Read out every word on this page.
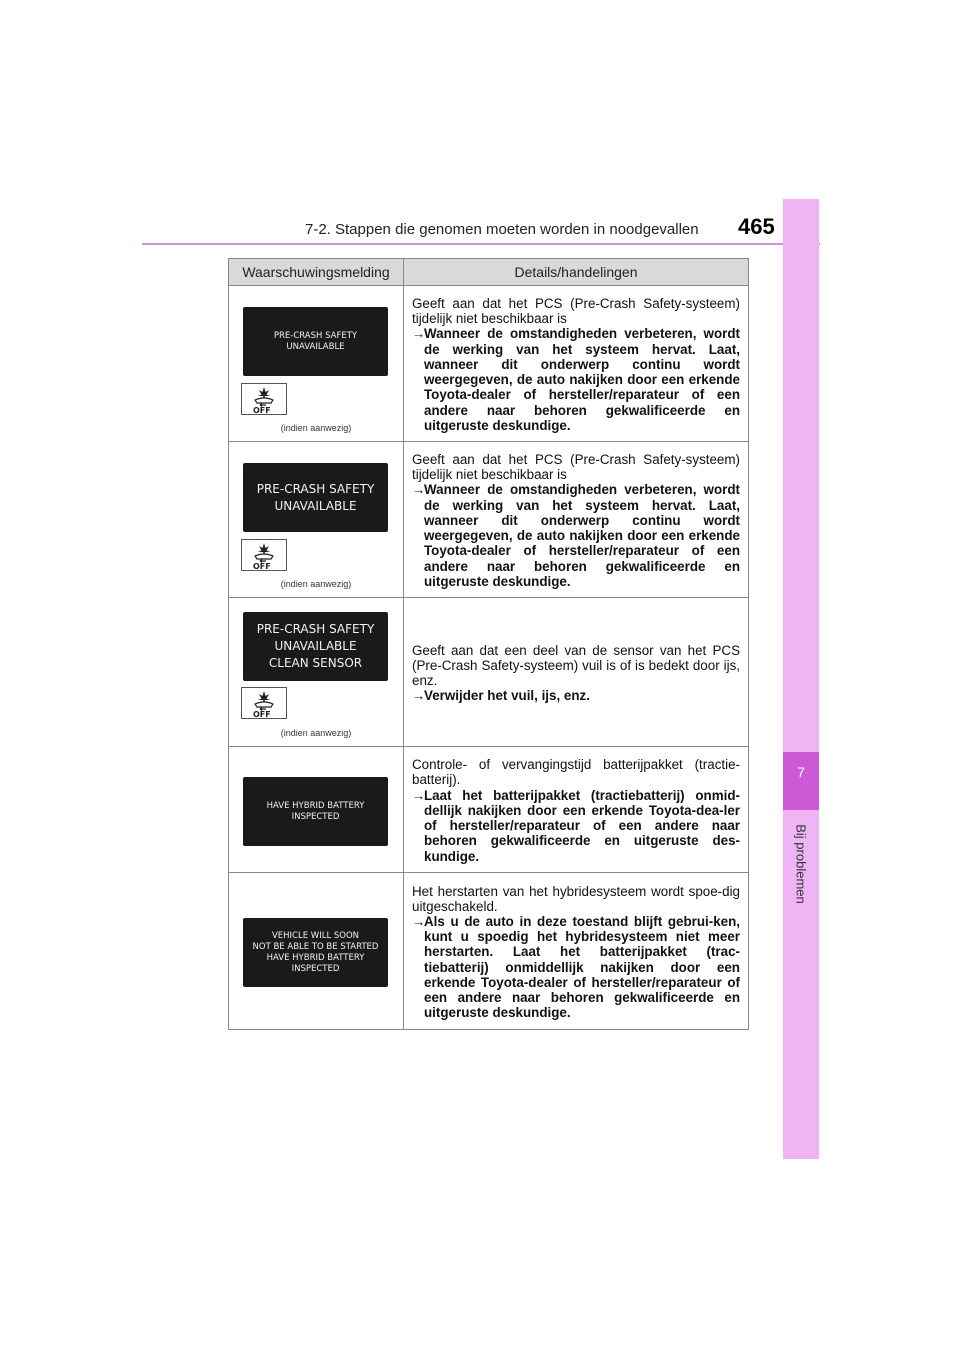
7-2. Stappen die genomen moeten worden in noodgevallen 465
7
Bij problemen
Waarschuwingsmelding	Details/handelingen
PRE-CRASH SAFETY
UNAVAILABLE
OFF
(indien aanwezig)
Geeft aan dat het PCS (Pre-Crash Safety-systeem) tijdelijk niet beschikbaar is
→
Wanneer de omstandigheden verbeteren, wordt de werking van het systeem hervat. Laat, wanneer dit onderwerp continu wordt weergegeven, de auto nakijken door een erkende Toyota-dealer of hersteller/reparateur of een andere naar behoren gekwalificeerde en uitgeruste deskundige.
PRE-CRASH SAFETY
UNAVAILABLE
OFF
(indien aanwezig)
Geeft aan dat het PCS (Pre-Crash Safety-systeem) tijdelijk niet beschikbaar is
→
Wanneer de omstandigheden verbeteren, wordt de werking van het systeem hervat. Laat, wanneer dit onderwerp continu wordt weergegeven, de auto nakijken door een erkende Toyota-dealer of hersteller/reparateur of een andere naar behoren gekwalificeerde en uitgeruste deskundige.
PRE-CRASH SAFETY
UNAVAILABLE
CLEAN SENSOR
OFF
(indien aanwezig)
Geeft aan dat een deel van de sensor van het PCS (Pre-Crash Safety-systeem) vuil is of is bedekt door ijs, enz.
→
Verwijder het vuil, ijs, enz.
HAVE HYBRID BATTERY
INSPECTED
Controle- of vervangingstijd batterijpakket (tractie-batterij).
→
Laat het batterijpakket (tractiebatterij) onmid-dellijk nakijken door een erkende Toyota-dea-ler of hersteller/reparateur of een andere naar behoren gekwalificeerde en uitgeruste des-kundige.
VEHICLE WILL SOON
NOT BE ABLE TO BE STARTED
HAVE HYBRID BATTERY
INSPECTED
Het herstarten van het hybridesysteem wordt spoe-dig uitgeschakeld.
→
Als u de auto in deze toestand blijft gebrui-ken, kunt u spoedig het hybridesysteem niet meer herstarten. Laat het batterijpakket (trac-tiebatterij) onmiddellijk nakijken door een erkende Toyota-dealer of hersteller/reparateur of een andere naar behoren gekwalificeerde en uitgeruste deskundige.
